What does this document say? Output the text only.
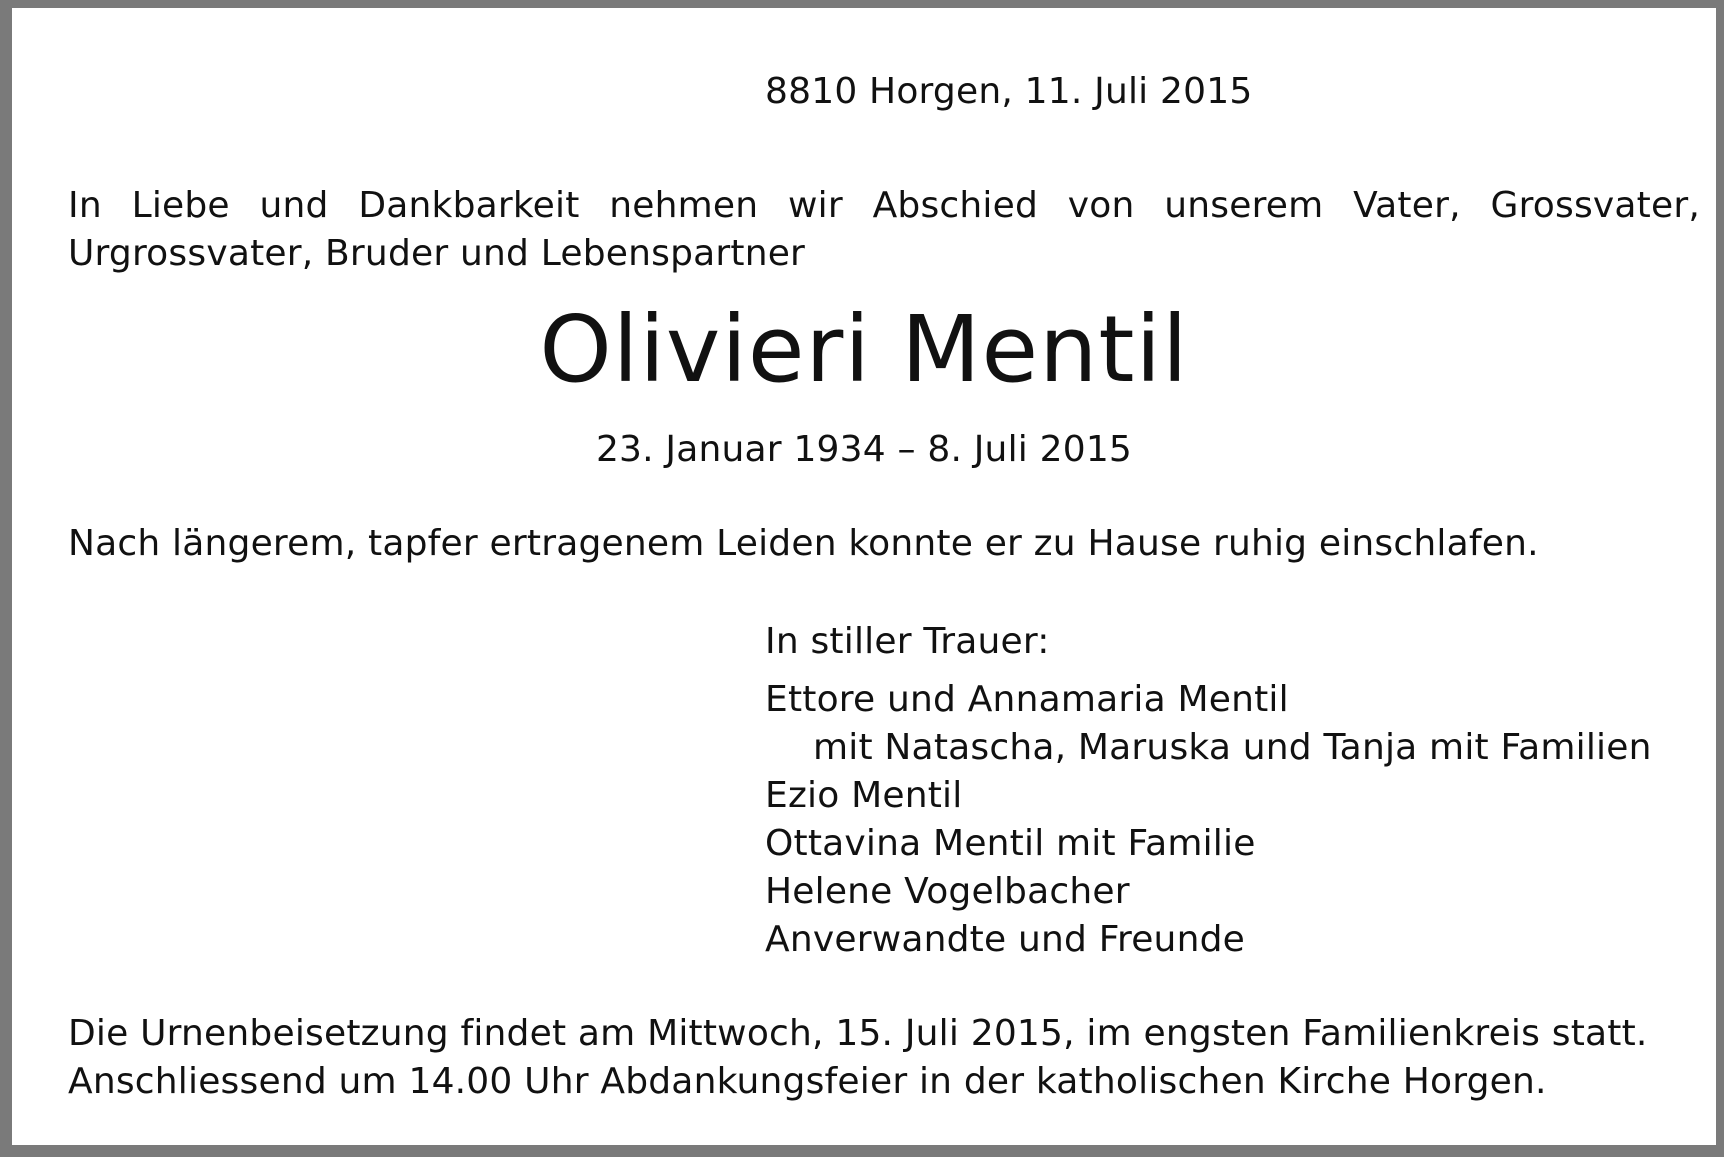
8810 Horgen, 11. Juli 2015

In Liebe und Dankbarkeit nehmen wir Abschied von unserem Vater, Grossvater, Urgrossvater, Bruder und Lebenspartner

Olivieri Mentil

23. Januar 1934 – 8. Juli 2015

Nach längerem, tapfer ertragenem Leiden konnte er zu Hause ruhig einschlafen.

In stiller Trauer:

Ettore und Annamaria Mentil
mit Natascha, Maruska und Tanja mit Familien
Ezio Mentil
Ottavina Mentil mit Familie
Helene Vogelbacher
Anverwandte und Freunde

Die Urnenbeisetzung findet am Mittwoch, 15. Juli 2015, im engsten Familienkreis statt.
Anschliessend um 14.00 Uhr Abdankungsfeier in der katholischen Kirche Horgen.
